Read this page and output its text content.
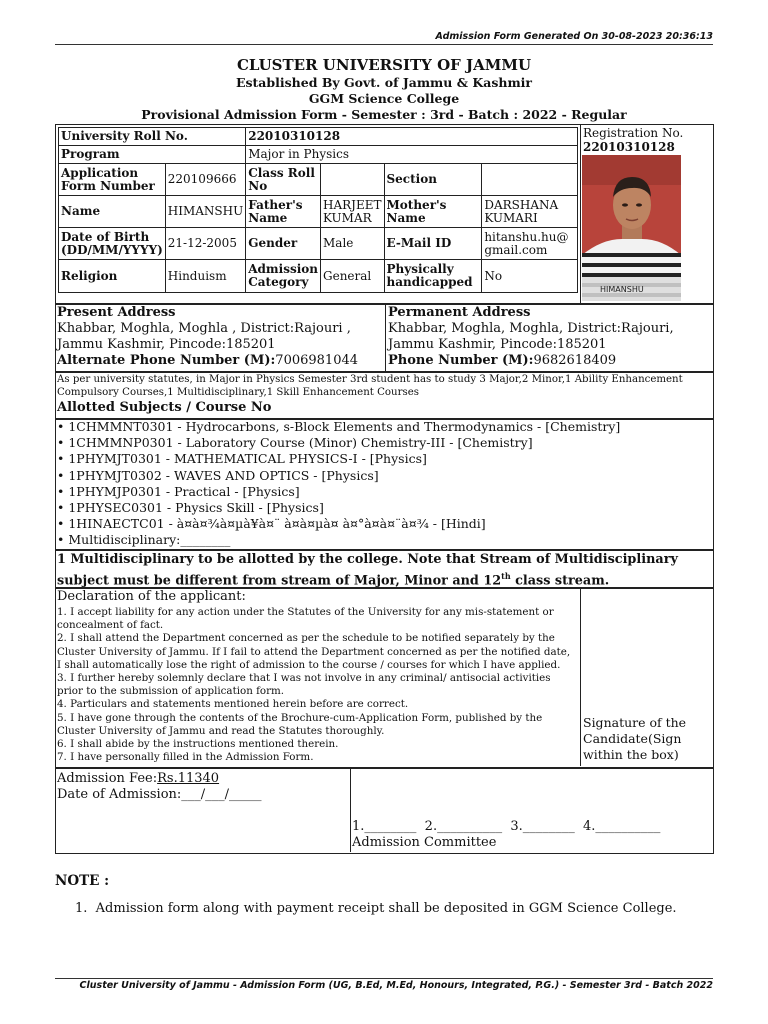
Admission Form Generated On 30-08-2023 20:36:13
CLUSTER UNIVERSITY OF JAMMU
Established By Govt. of Jammu & Kashmir
GGM Science College
Provisional Admission Form - Semester : 3rd - Batch : 2022 - Regular
University Roll No.		22010310128			
Program		Major in Physics			
Application Form Number	220109666	Class Roll No		Section	
Name	HIMANSHU	Father's Name	HARJEET KUMAR	Mother's Name	DARSHANA KUMARI
Date of Birth (DD/MM/YYYY)	21-12-2005	Gender	Male	E-Mail ID	hitanshu.hu@gmail.com
Religion	Hinduism	Admission Category	General	Physically handicapped	No
Registration No.
22010310128
HIMANSHU
Present Address
Khabbar, Moghla, Moghla , District:Rajouri ,
Jammu Kashmir, Pincode:185201
Alternate Phone Number (M):7006981044
Permanent Address
Khabbar, Moghla, Moghla, District:Rajouri,
Jammu Kashmir, Pincode:185201
Phone Number (M):9682618409
As per university statutes, in Major in Physics Semester 3rd student has to study 3 Major,2 Minor,1 Ability Enhancement Compulsory Courses,1 Multidisciplinary,1 Skill Enhancement Courses
Allotted Subjects / Course No
• 1CHMMNT0301 - Hydrocarbons, s-Block Elements and Thermodynamics - [Chemistry]
• 1CHMMNP0301 - Laboratory Course (Minor) Chemistry-III - [Chemistry]
• 1PHYMJT0301 - MATHEMATICAL PHYSICS-I - [Physics]
• 1PHYMJT0302 - WAVES AND OPTICS - [Physics]
• 1PHYMJP0301 - Practical - [Physics]
• 1PHYSEC0301 - Physics Skill - [Physics]
• 1HINAECTC01 - à¤à¤¾à¤µà¥à¤¨ à¤à¤µà¤ à¤°à¤à¤¨à¤¾ - [Hindi]
• Multidisciplinary:________
1 Multidisciplinary to be allotted by the college. Note that Stream of Multidisciplinary
subject must be different from stream of Major, Minor and 12th class stream.
Declaration of the applicant:
1. I accept liability for any action under the Statutes of the University for any mis-statement or
concealment of fact.
2. I shall attend the Department concerned as per the schedule to be notified separately by the
Cluster University of Jammu. If I fail to attend the Department concerned as per the notified date,
I shall automatically lose the right of admission to the course / courses for which I have applied.
3. I further hereby solemnly declare that I was not involve in any criminal/ antisocial activities
prior to the submission of application form.
4. Particulars and statements mentioned herein before are correct.
5. I have gone through the contents of the Brochure-cum-Application Form, published by the
Cluster University of Jammu and read the Statutes thoroughly.
6. I shall abide by the instructions mentioned therein.
7. I have personally filled in the Admission Form.
Signature of the
Candidate(Sign
within the box)
Admission Fee:Rs.11340
Date of Admission:___/___/_____
1.________  2.__________  3.________  4.__________
Admission Committee
NOTE :
1.  Admission form along with payment receipt shall be deposited in GGM Science College.
Cluster University of Jammu - Admission Form (UG, B.Ed, M.Ed, Honours, Integrated, P.G.) - Semester 3rd - Batch 2022
